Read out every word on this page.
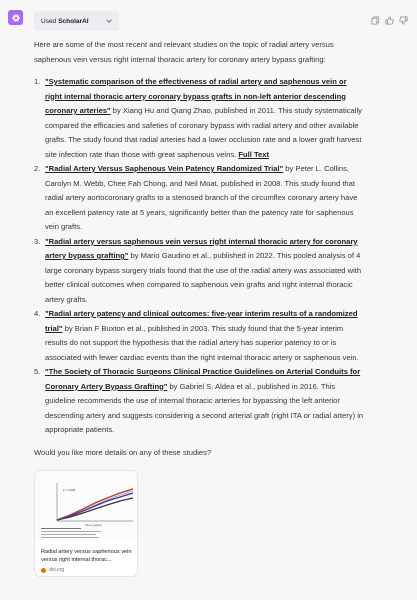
Used ScholarAI

Here are some of the most recent and relevant studies on the topic of radial artery versus saphenous vein versus right internal thoracic artery for coronary artery bypass grafting:

1. "Systematic comparison of the effectiveness of radial artery and saphenous vein or right internal thoracic artery coronary bypass grafts in non-left anterior descending coronary arteries" by Xiang Hu and Qiang Zhao, published in 2011. This study systematically compared the efficacies and safeties of coronary bypass with radial artery and other available grafts. The study found that radial arteries had a lower occlusion rate and a lower graft harvest site infection rate than those with great saphenous veins. Full Text
2. "Radial Artery Versus Saphenous Vein Patency Randomized Trial" by Peter L. Collins, Carolyn M. Webb, Chee Fah Chong, and Neil Moat, published in 2008. This study found that radial artery aortocoronary grafts to a stenosed branch of the circumflex coronary artery have an excellent patency rate at 5 years, significantly better than the patency rate for saphenous vein grafts.
3. "Radial artery versus saphenous vein versus right internal thoracic artery for coronary artery bypass grafting" by Mario Gaudino et al., published in 2022. This pooled analysis of 4 large coronary bypass surgery trials found that the use of the radial artery was associated with better clinical outcomes when compared to saphenous vein grafts and right internal thoracic artery grafts.
4. "Radial artery patency and clinical outcomes: five-year interim results of a randomized trial" by Brian F Buxton et al., published in 2003. This study found that the 5-year interim results do not support the hypothesis that the radial artery has superior patency to or is associated with fewer cardiac events than the right internal thoracic artery or saphenous vein.
5. "The Society of Thoracic Surgeons Clinical Practice Guidelines on Arterial Conduits for Coronary Artery Bypass Grafting" by Gabriel S. Aldea et al., published in 2016. This guideline recommends the use of internal thoracic arteries for bypassing the left anterior descending artery and suggests considering a second arterial graft (right ITA or radial artery) in appropriate patients.

Would you like more details on any of these studies?

p < 0.001
Time (years)
Radial artery versus saphenous vein versus right internal thorac...
doi.org
